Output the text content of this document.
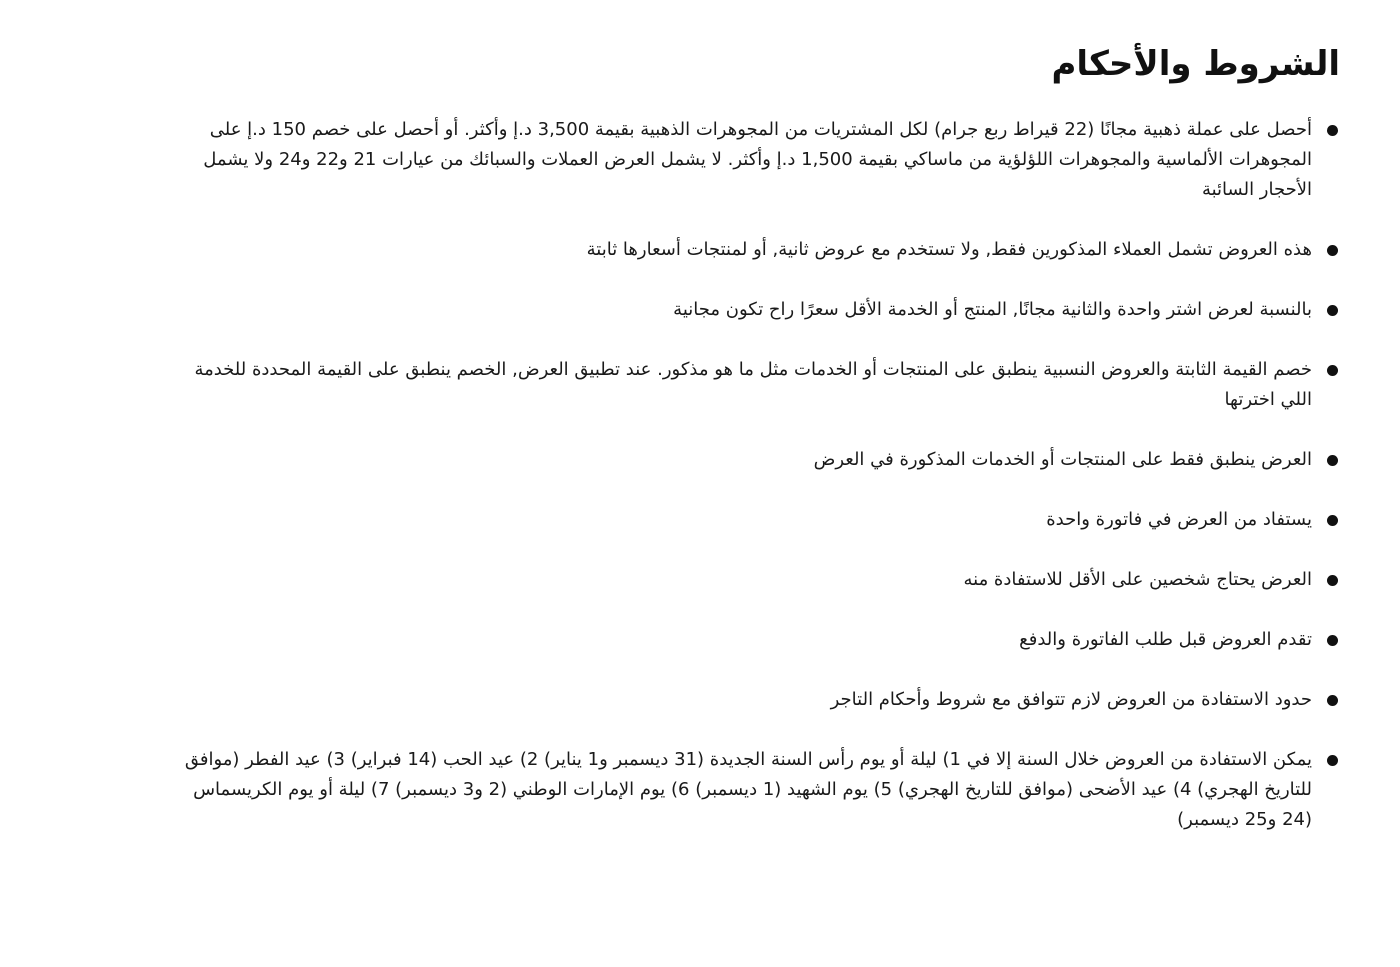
الشروط والأحكام
أحصل على عملة ذهبية مجانًا (22 قيراط ربع جرام) لكل المشتريات من المجوهرات الذهبية بقيمة 3,500 د.إ وأكثر. أو أحصل على خصم 150 د.إ على المجوهرات الألماسية والمجوهرات اللؤلؤية من ماساكي بقيمة 1,500 د.إ وأكثر. لا يشمل العرض العملات والسبائك من عيارات 21 و22 و24 ولا يشمل الأحجار السائبة
هذه العروض تشمل العملاء المذكورين فقط, ولا تستخدم مع عروض ثانية, أو لمنتجات أسعارها ثابتة
بالنسبة لعرض اشتر واحدة والثانية مجانًا, المنتج أو الخدمة الأقل سعرًا راح تكون مجانية
خصم القيمة الثابتة والعروض النسبية ينطبق على المنتجات أو الخدمات مثل ما هو مذكور. عند تطبيق العرض, الخصم ينطبق على القيمة المحددة للخدمة اللي اخترتها
العرض ينطبق فقط على المنتجات أو الخدمات المذكورة في العرض
يستفاد من العرض في فاتورة واحدة
العرض يحتاج شخصين على الأقل للاستفادة منه
تقدم العروض قبل طلب الفاتورة والدفع
حدود الاستفادة من العروض لازم تتوافق مع شروط وأحكام التاجر
يمكن الاستفادة من العروض خلال السنة إلا في 1) ليلة أو يوم رأس السنة الجديدة (31 ديسمبر و1 يناير) 2) عيد الحب (14 فبراير) 3) عيد الفطر (موافق للتاريخ الهجري) 4) عيد الأضحى (موافق للتاريخ الهجري) 5) يوم الشهيد (1 ديسمبر) 6) يوم الإمارات الوطني (2 و3 ديسمبر) 7) ليلة أو يوم الكريسماس (24 و25 ديسمبر)
